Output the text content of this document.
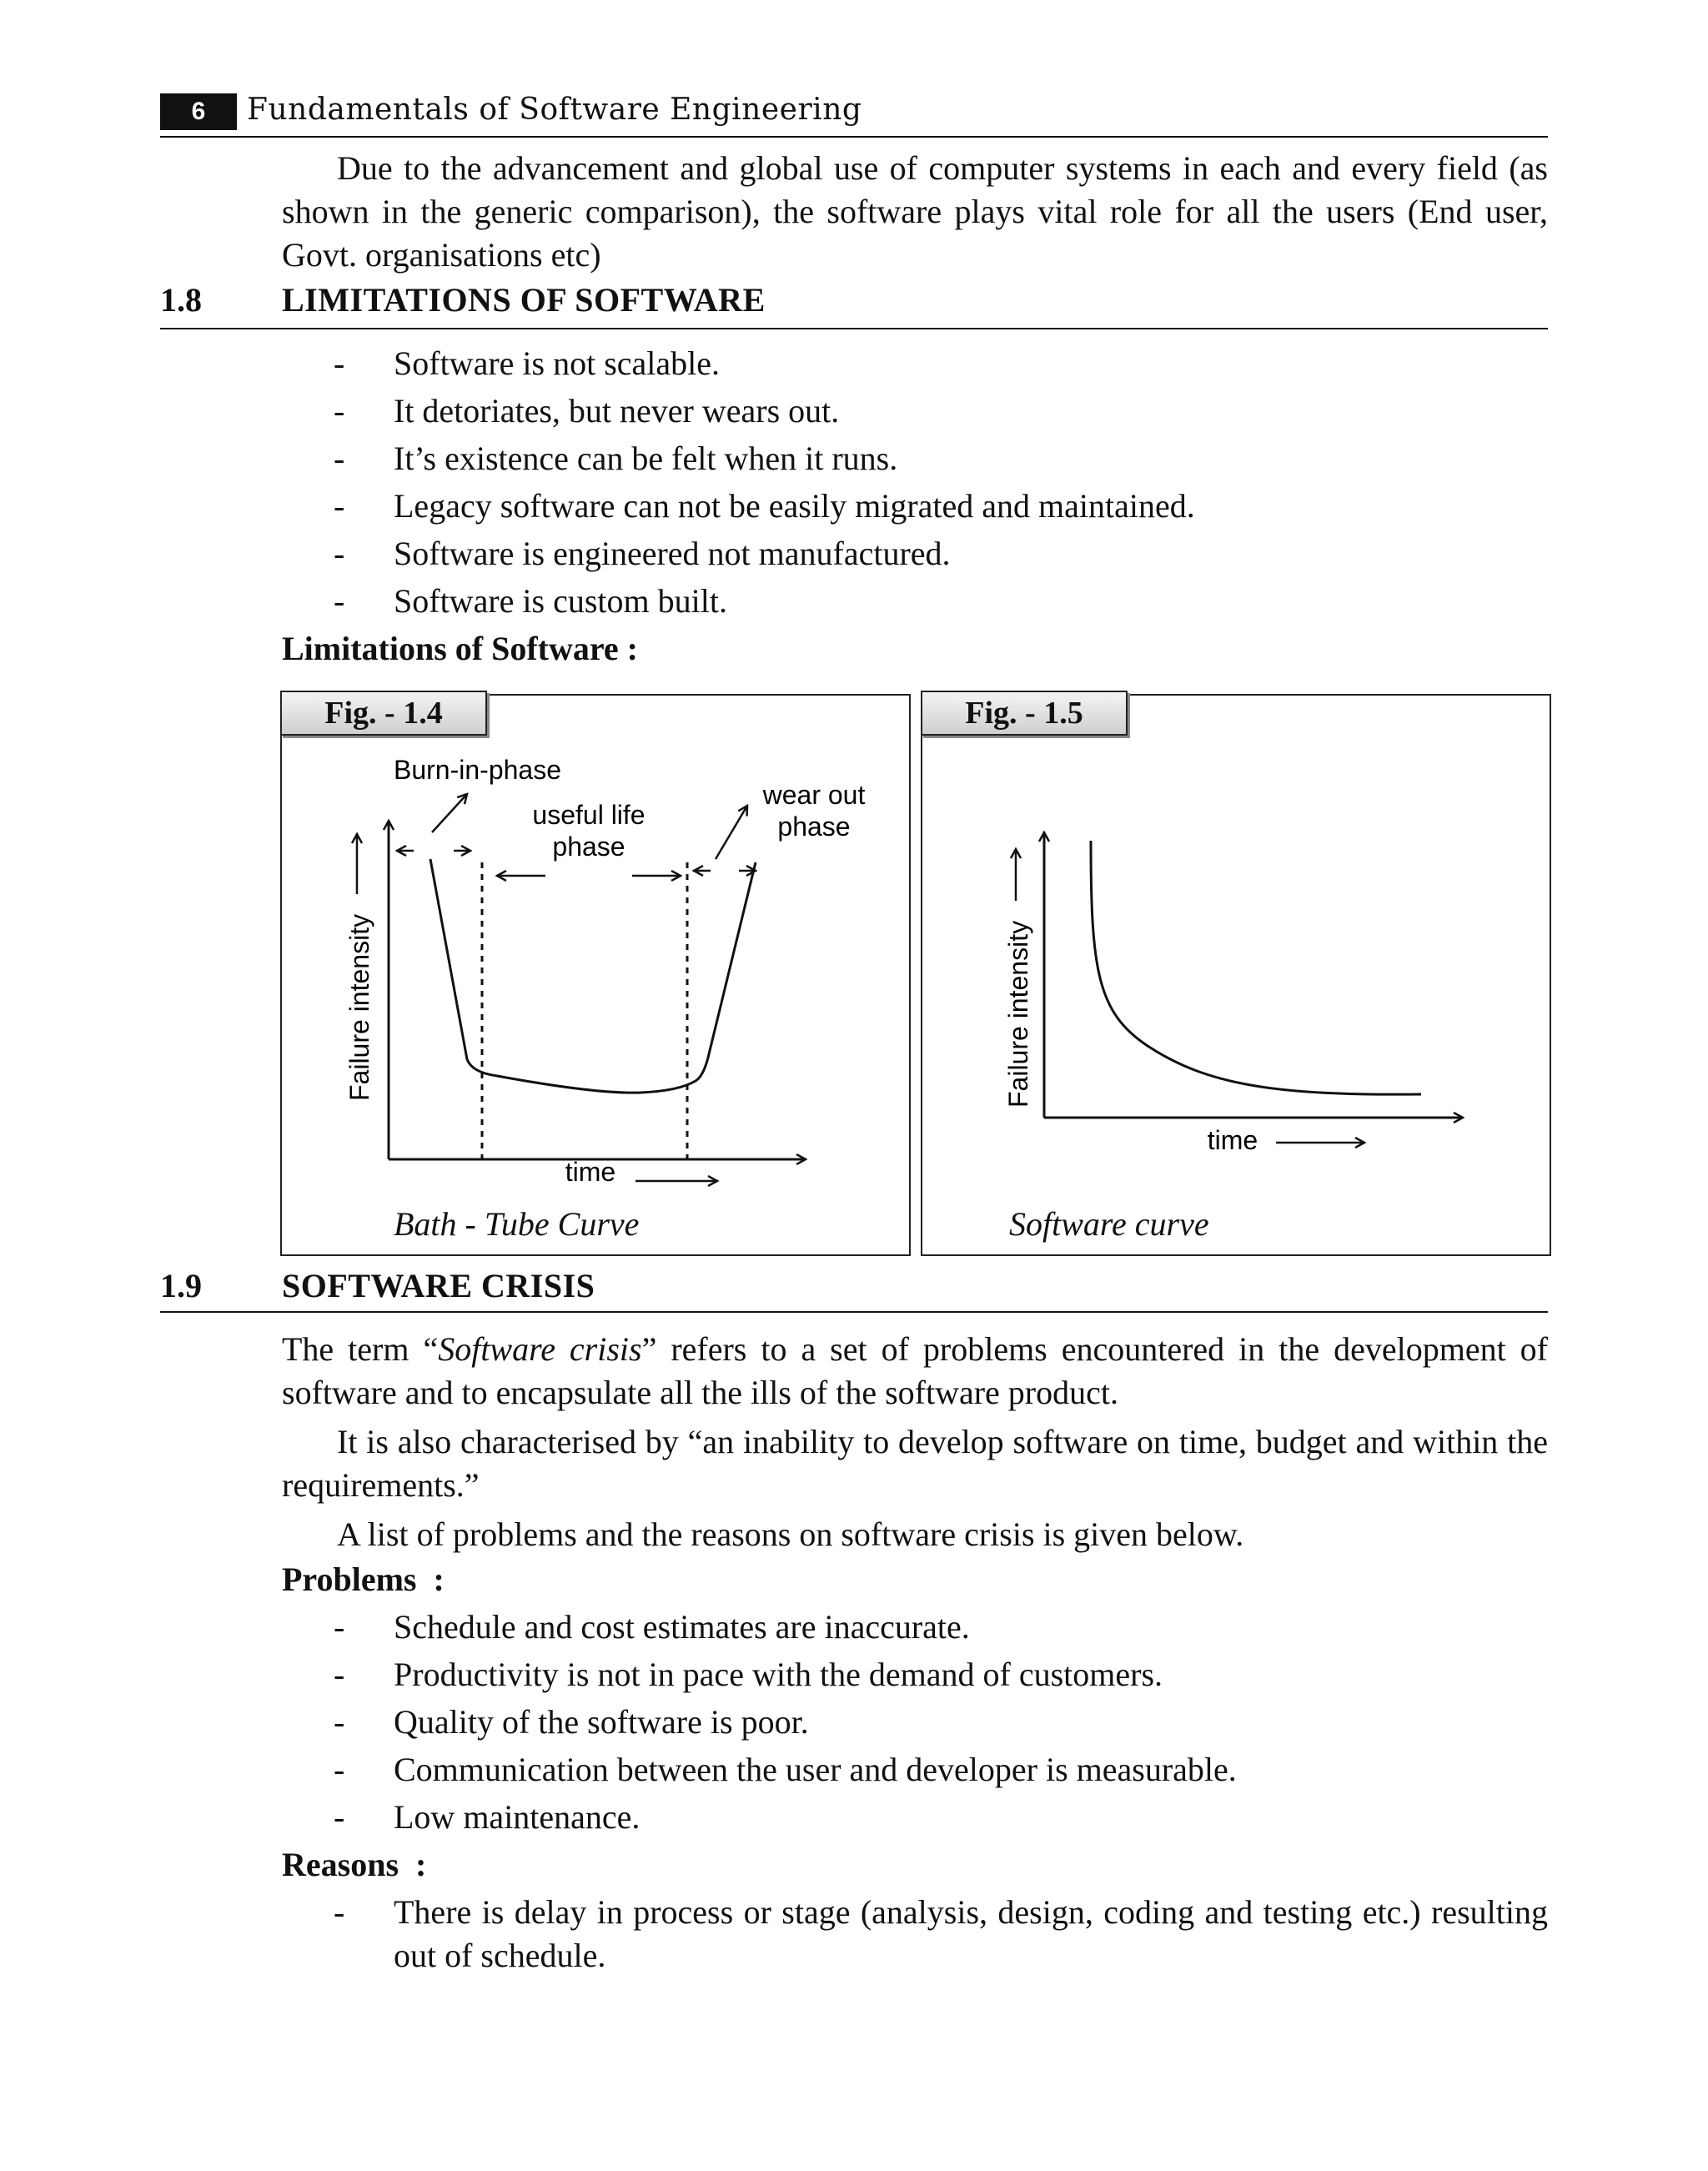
6	Fundamentals of Software Engineering
Due to the advancement and global use of computer systems in each and every field (as shown in the generic comparison), the software plays vital role for all the users (End user, Govt. organisations etc)
1.8 LIMITATIONS OF SOFTWARE
- Software is not scalable.
- It detoriates, but never wears out.
- It’s existence can be felt when it runs.
- Legacy software can not be easily migrated and maintained.
- Software is engineered not manufactured.
- Software is custom built.
Limitations of Software :
Failure intensity
Burn-in-phase
useful life
phase
wear out
phase
time
Bath - Tube Curve
Fig. - 1.4
Failure intensity
time
Software curve
Fig. - 1.5
1.9 SOFTWARE CRISIS
The term “Software crisis” refers to a set of problems encountered in the development of software and to encapsulate all the ills of the software product.
It is also characterised by “an inability to develop software on time, budget and within the requirements.”
A list of problems and the reasons on software crisis is given below.
Problems  :
- Schedule and cost estimates are inaccurate.
- Productivity is not in pace with the demand of customers.
- Quality of the software is poor.
- Communication between the user and developer is measurable.
- Low maintenance.
Reasons  :
- There is delay in process or stage (analysis, design, coding and testing etc.) resulting out of schedule.
